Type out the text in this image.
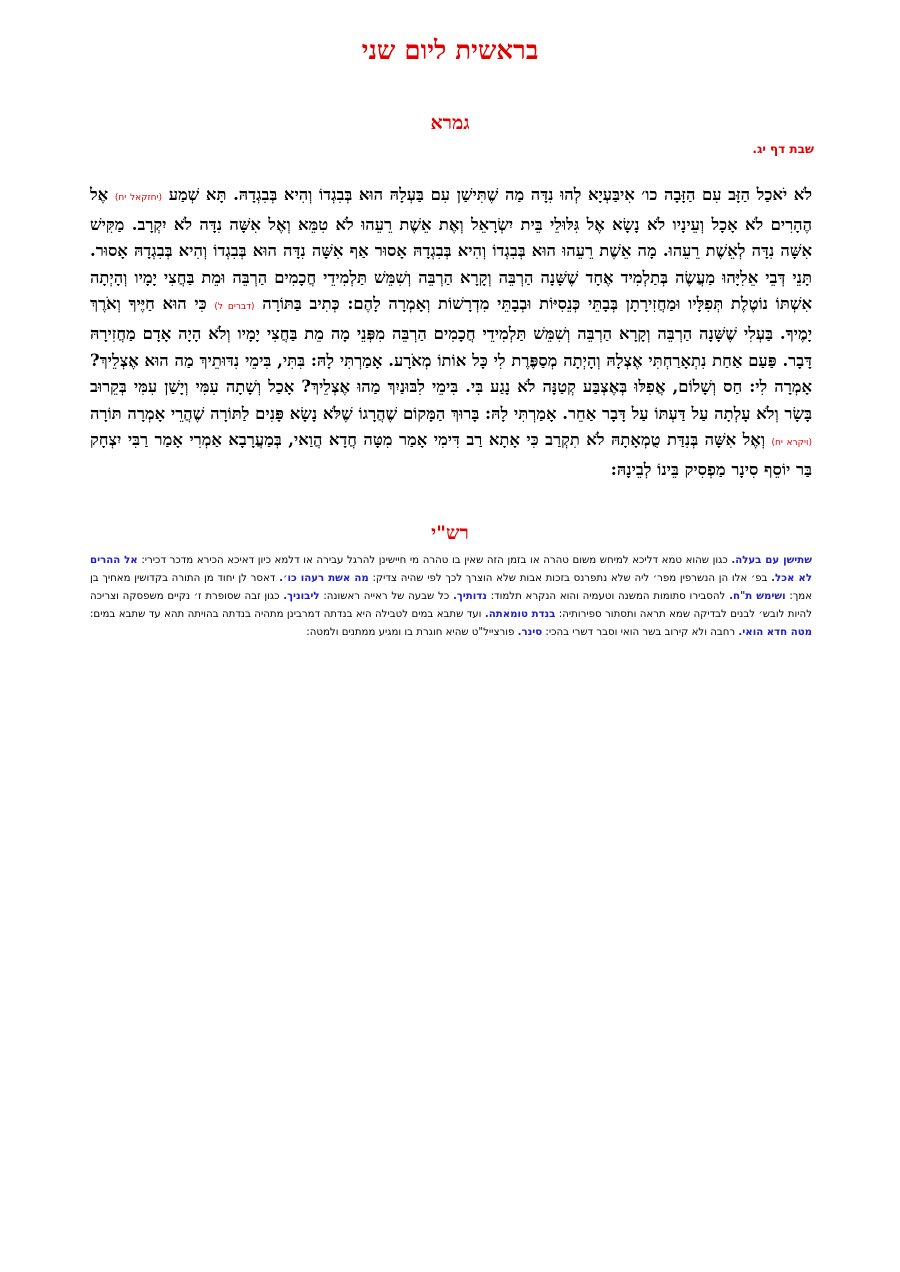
בראשית ליום שני
גמרא
שבת דף יג.

לֹא יֹאכַל הַזָּב עִם הַזָּבָה כו׳ אִיבַּעְיָא לְהוּ נִדָּה מַה שֶׁתִּישַׁן עִם בַּעְלָהּ הוּא בְּבִגְדוֹ וְהִיא בְּבִגְדָהּ. תָּא שְׁמַע (יחזקאל יח) אֶל הֶהָרִים לֹא אָכָל וְעֵינָיו לֹא נָשָׂא אֶל גִּלּוּלֵי בֵּית יִשְׂרָאֵל וְאֶת אֵשֶׁת רֵעֵהוּ לֹא טִמֵּא וְאֶל אִשָּׁה נִדָּה לֹא יִקְרָב. מַקִּישׁ אִשָּׁה נִדָּה לְאֵשֶׁת רֵעֵהוּ. מָה אֵשֶׁת רֵעֵהוּ הוּא בְּבִגְדוֹ וְהִיא בְּבִגְדָהּ אָסוּר אַף אִשָּׁה נִדָּה הוּא בְּבִגְדוֹ וְהִיא בְּבִגְדָהּ אָסוּר. תָּנֵי דְּבֵי אֵלִיָּהוּ מַעֲשֶׂה בְּתַלְמִיד אֶחָד שֶׁשָּׁנָה הַרְבֵּה וְקָרָא הַרְבֵּה וְשִׁמֵּשׁ תַּלְמִידֵי חֲכָמִים הַרְבֵּה וּמֵת בַּחֲצִי יָמָיו וְהָיְתָה אִשְׁתּוֹ נוֹטֶלֶת תְּפִלָּיו וּמַחֲזִירָתָן בְּבָתֵּי כְּנֵסִיּוֹת וּבְבָתֵּי מִדְרָשׁוֹת וְאָמְרָה לָהֶם: כְּתִיב בַּתּוֹרָה (דברים ל) כִּי הוּא חַיֶּיךָ וְאֹרֶךְ יָמֶיךָ. בַּעְלִי שֶׁשָּׁנָה הַרְבֵּה וְקָרָא הַרְבֵּה וְשִׁמֵּשׁ תַּלְמִידֵי חֲכָמִים הַרְבֵּה מִפְּנֵי מָה מֵת בַּחֲצִי יָמָיו וְלֹא הָיָה אָדָם מַחֲזִירָהּ דָּבָר. פַּעַם אַחַת נִתְאָרַחְתִּי אֶצְלָהּ וְהָיְתָה מְסַפֶּרֶת לִי כָּל אוֹתוֹ מְאֹרָע. אָמַרְתִּי לָהּ: בִּתִּי, בִּימֵי נִדּוּתֵיךְ מַה הוּא אֶצְלֵיךְ? אָמְרָה לִי: חַס וְשָׁלוֹם, אֲפִלּוּ בְּאֶצְבַּע קְטַנָּה לֹא נָגַע בִּי. בִּימֵי לִבּוּנַיִךְ מַהוּ אֶצְלֵיךְ? אָכַל וְשָׁתָה עִמִּי וְיָשַׁן עִמִּי בְּקֵרוּב בָּשָׂר וְלֹא עָלְתָה עַל דַּעְתּוֹ עַל דָּבָר אַחֵר. אָמַרְתִּי לָהּ: בָּרוּךְ הַמָּקוֹם שֶׁהֲרָגוֹ שֶׁלֹּא נָשָׂא פָּנִים לַתּוֹרָה שֶׁהֲרֵי אָמְרָה תּוֹרָה (ויקרא יח) וְאֶל אִשָּׁה בְּנִדַּת טֻמְאָתָהּ לֹא תִקְרַב כִּי אָתָא רַב דִּימִי אָמַר מִטָּה חֲדָא הֲוַאי, בְּמַעֲרָבָא אַמְרִי אָמַר רַבִּי יִצְחָק בַּר יוֹסֵף סִינָר מַפְסִיק בֵּינוֹ לְבֵינָהּ:

רש"י

שתישן עם בעלה. כגון שהוא טמא דליכא למיחש משום טהרה או בזמן הזה שאין בו טהרה מי חיישינן להרגל עבירה או דלמא כיון דאיכא הכירא מדכר דכירי: אל ההרים לא אכל. בפ׳ אלו הן הנשרפין מפר׳ ליה שלא נתפרנס בזכות אבות שלא הוצרך לכך לפי שהיה צדיק: מה אשת רעהו כו׳. דאסר לן יחוד מן התורה בקדושין מאחיך בן אמך: ושימש ת"ח. להסבירו סתומות המשנה וטעמיה והוא הנקרא תלמוד: נדותיך. כל שבעה של ראייה ראשונה: ליבוניך. כגון זבה שסופרת ז׳ נקיים משפסקה וצריכה להיות לובש׳ לבנים לבדיקה שמא תראה ותסתור ספירותיה: בנדת טומאתה. ועד שתבא במים לטבילה היא בנדתה דמרבינן מתהיה בנדתה בהויתה תהא עד שתבא במים: מטה חדא הואי. רחבה ולא קירוב בשר הואי וסבר דשרי בהכי: סינר. פורצייל"ט שהיא חוגרת בו ומגיע ממתנים ולמטה:
